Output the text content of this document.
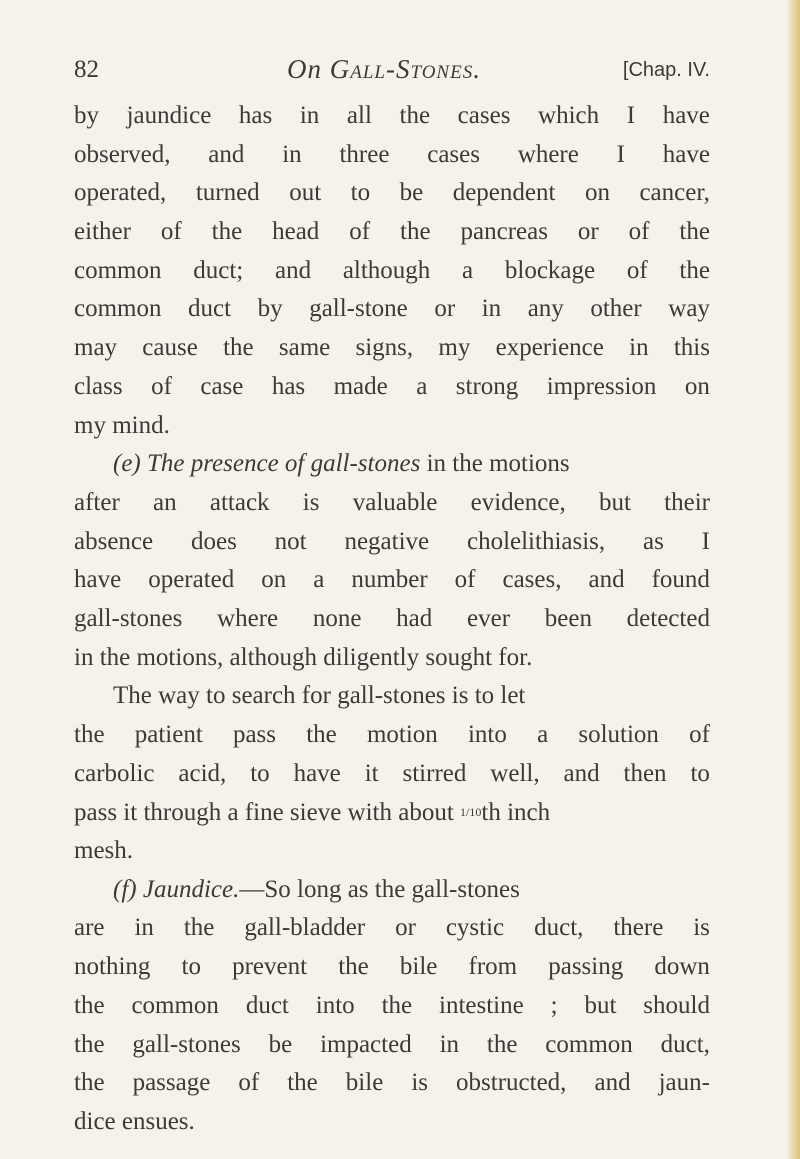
82	On Gall-Stones.	[Chap. IV.
by jaundice has in all the cases which I have
observed, and in three cases where I have
operated, turned out to be dependent on cancer,
either of the head of the pancreas or of the
common duct; and although a blockage of the
common duct by gall-stone or in any other way
may cause the same signs, my experience in this
class of case has made a strong impression on
my mind.
(e) The presence of gall-stones in the motions
after an attack is valuable evidence, but their
absence does not negative cholelithiasis, as I
have operated on a number of cases, and found
gall-stones where none had ever been detected
in the motions, although diligently sought for.
The way to search for gall-stones is to let
the patient pass the motion into a solution of
carbolic acid, to have it stirred well, and then to
pass it through a fine sieve with about 1/10th inch
mesh.
(f) Jaundice.—So long as the gall-stones
are in the gall-bladder or cystic duct, there is
nothing to prevent the bile from passing down
the common duct into the intestine ; but should
the gall-stones be impacted in the common duct,
the passage of the bile is obstructed, and jaun-
dice ensues.
